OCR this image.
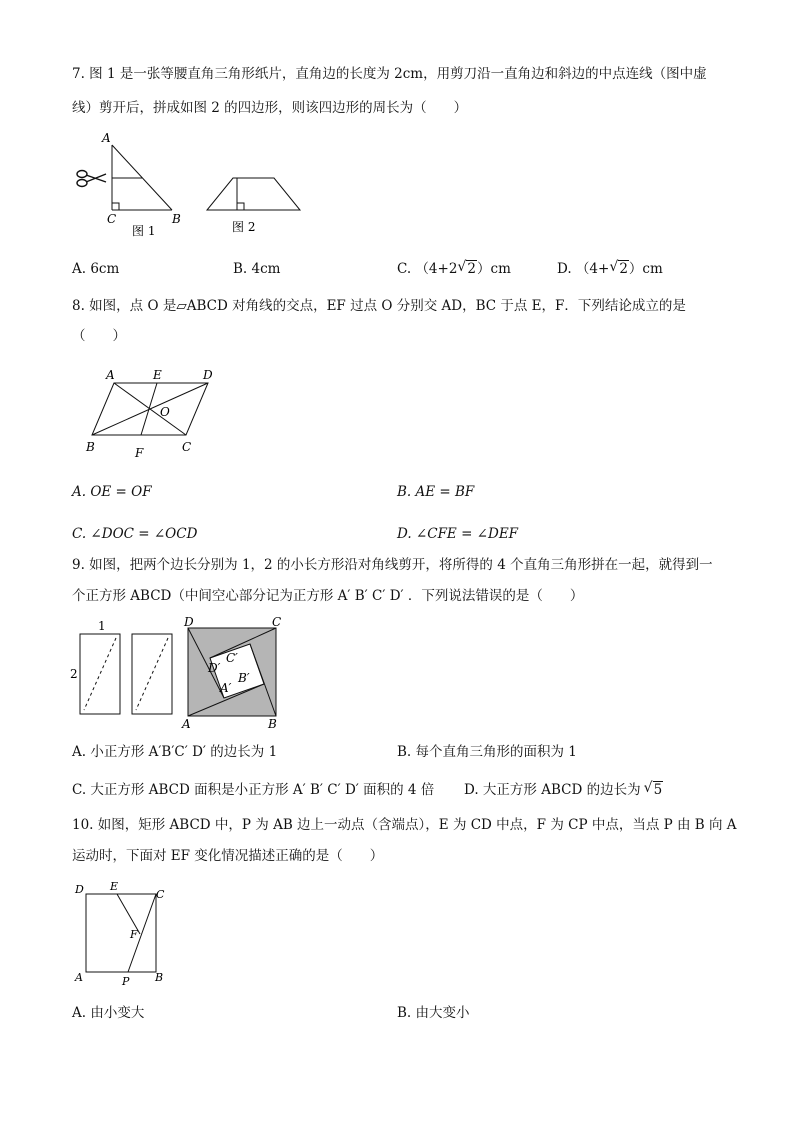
7. 图 1 是一张等腰直角三角形纸片，直角边的长度为 2cm，用剪刀沿一直角边和斜边的中点连线（图中虚
线）剪开后，拼成如图 2 的四边形，则该四边形的周长为（　　）
A
C	B
图 1	图 2
A. 6cm	B. 4cm	C. （4+2 √ 2）cm	D. （4+ √ 2）cm
8. 如图，点 O 是▱ABCD 对角线的交点，EF 过点 O 分别交 AD，BC 于点 E，F．下列结论成立的是
（　　）
A	E	D
O
B	F	C
A. OE = OF	B. AE = BF
C. ∠DOC = ∠OCD	D. ∠CFE = ∠DEF
9. 如图，把两个边长分别为 1，2 的小长方形沿对角线剪开，将所得的 4 个直角三角形拼在一起，就得到一
个正方形 ABCD（中间空心部分记为正方形 A′ B′ C′ D′ ．下列说法错误的是（　　）
1
2
D	C
A	B
D′
C′
A′
B′
A. 小正方形 A′B′C′ D′ 的边长为 1	B. 每个直角三角形的面积为 1
C. 大正方形 ABCD 面积是小正方形 A′ B′ C′ D′ 面积的 4 倍 D. 大正方形 ABCD 的边长为 √ 5
10. 如图，矩形 ABCD 中，P 为 AB 边上一动点（含端点），E 为 CD 中点，F 为 CP 中点，当点 P 由 B 向 A
运动时，下面对 EF 变化情况描述正确的是（　　）
D E
C
F
A	P B
A. 由小变大	B. 由大变小
